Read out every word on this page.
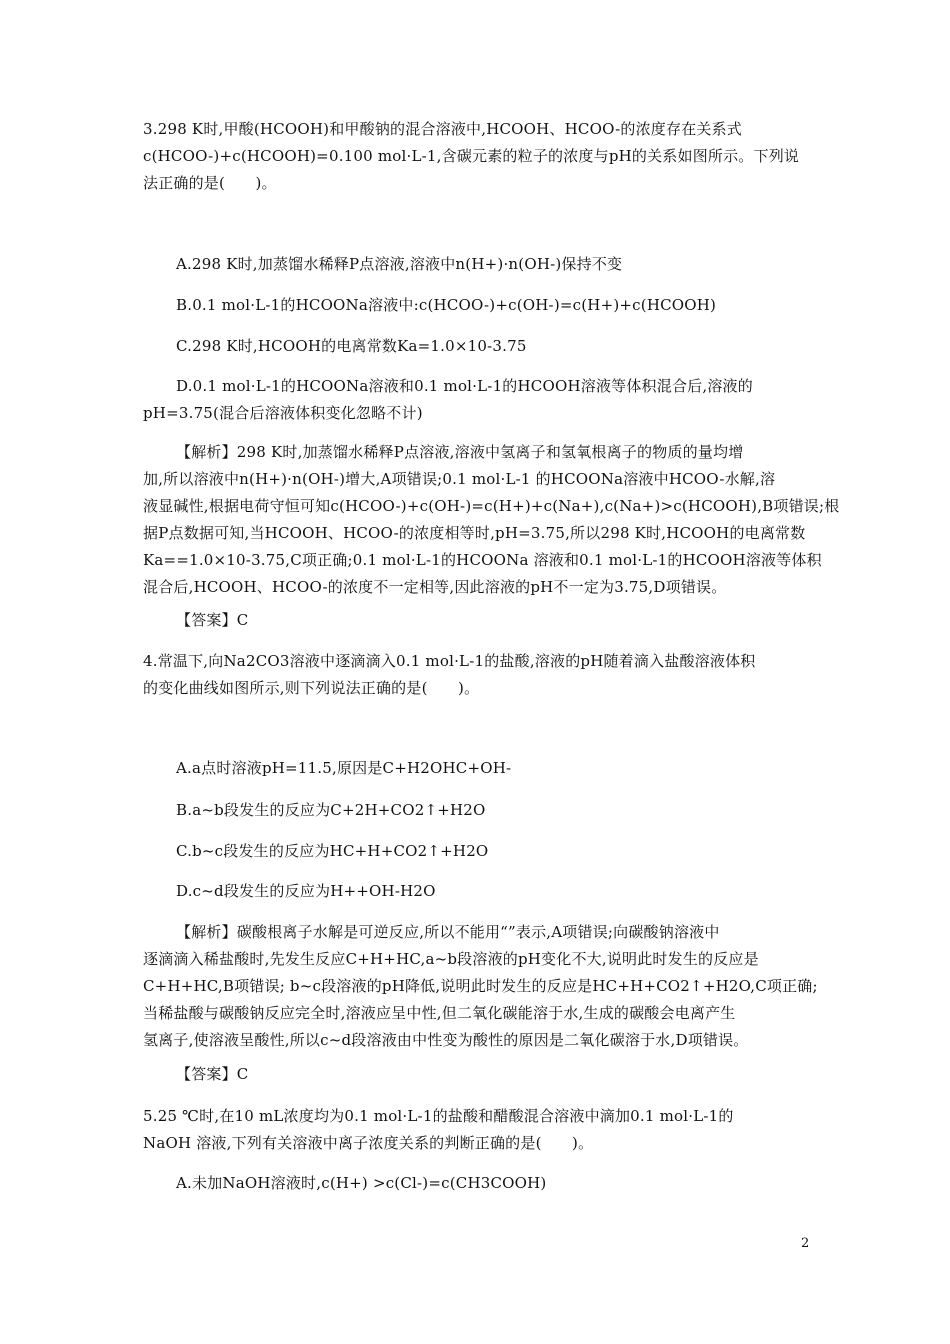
3.298 K时,甲酸(HCOOH)和甲酸钠的混合溶液中,HCOOH、HCOO-的浓度存在关系式
c(HCOO-)+c(HCOOH)=0.100 mol·L-1,含碳元素的粒子的浓度与pH的关系如图所示。下列说
法正确的是(　　)。
A.298 K时,加蒸馏水稀释P点溶液,溶液中n(H+)·n(OH-)保持不变
B.0.1 mol·L-1的HCOONa溶液中:c(HCOO-)+c(OH-)=c(H+)+c(HCOOH)
C.298 K时,HCOOH的电离常数Ka=1.0×10-3.75
D.0.1 mol·L-1的HCOONa溶液和0.1 mol·L-1的HCOOH溶液等体积混合后,溶液的
pH=3.75(混合后溶液体积变化忽略不计)
【解析】298 K时,加蒸馏水稀释P点溶液,溶液中氢离子和氢氧根离子的物质的量均增
加,所以溶液中n(H+)·n(OH-)增大,A项错误;0.1 mol·L-1 的HCOONa溶液中HCOO-水解,溶
液显碱性,根据电荷守恒可知c(HCOO-)+c(OH-)=c(H+)+c(Na+),c(Na+)>c(HCOOH),B项错误;根
据P点数据可知,当HCOOH、HCOO-的浓度相等时,pH=3.75,所以298 K时,HCOOH的电离常数
Ka==1.0×10-3.75,C项正确;0.1 mol·L-1的HCOONa 溶液和0.1 mol·L-1的HCOOH溶液等体积
混合后,HCOOH、HCOO-的浓度不一定相等,因此溶液的pH不一定为3.75,D项错误。
【答案】C
4.常温下,向Na2CO3溶液中逐滴滴入0.1 mol·L-1的盐酸,溶液的pH随着滴入盐酸溶液体积
的变化曲线如图所示,则下列说法正确的是(　　)。
A.a点时溶液pH=11.5,原因是C+H2OHC+OH-
B.a~b段发生的反应为C+2H+CO2↑+H2O
C.b~c段发生的反应为HC+H+CO2↑+H2O
D.c~d段发生的反应为H++OH-H2O
【解析】碳酸根离子水解是可逆反应,所以不能用“”表示,A项错误;向碳酸钠溶液中
逐滴滴入稀盐酸时,先发生反应C+H+HC,a~b段溶液的pH变化不大,说明此时发生的反应是
C+H+HC,B项错误; b~c段溶液的pH降低,说明此时发生的反应是HC+H+CO2↑+H2O,C项正确;
当稀盐酸与碳酸钠反应完全时,溶液应呈中性,但二氧化碳能溶于水,生成的碳酸会电离产生
氢离子,使溶液呈酸性,所以c~d段溶液由中性变为酸性的原因是二氧化碳溶于水,D项错误。
【答案】C
5.25 ℃时,在10 mL浓度均为0.1 mol·L-1的盐酸和醋酸混合溶液中滴加0.1 mol·L-1的
NaOH 溶液,下列有关溶液中离子浓度关系的判断正确的是(　　)。
A.未加NaOH溶液时,c(H+) >c(Cl-)=c(CH3COOH)
2
